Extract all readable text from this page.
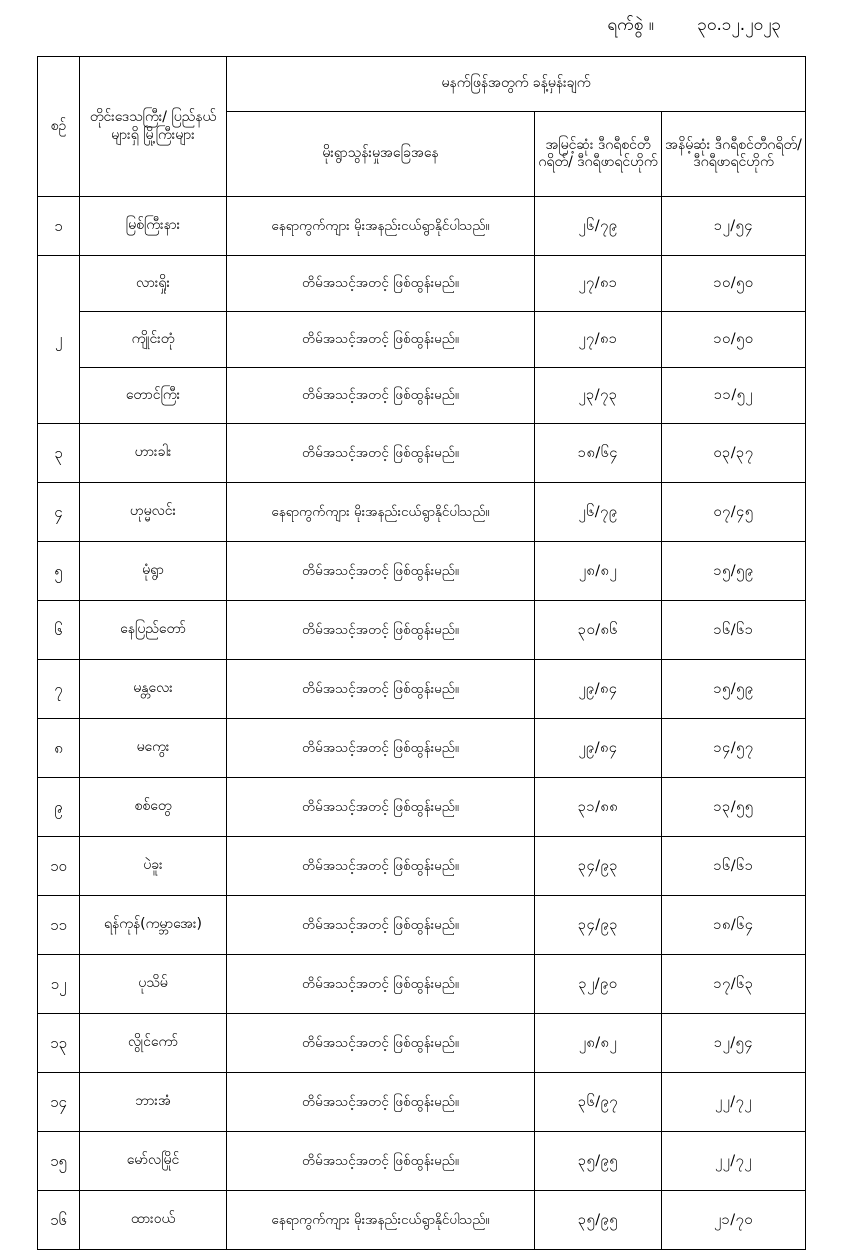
ရက်စွဲ ။	၃၀.၁၂.၂၀၂၃
စဉ်	တိုင်းဒေသကြီး/ ပြည်နယ်များရှိ မြို့ကြီးများ	မနက်ဖြန်အတွက် ခန့်မှန်းချက်		
		မိုးရွာသွန်းမှုအခြေအနေ	အမြင့်ဆုံး ဒီဂရီစင်တီဂရိတ်/ ဒီဂရီဖာရင်ဟိုက်	အနိမ့်ဆုံး ဒီဂရီစင်တီဂရိတ်/ ဒီဂရီဖာရင်ဟိုက်
၁	မြစ်ကြီးနား	နေရာကွက်ကျား မိုးအနည်းငယ်ရွာနိုင်ပါသည်။	၂၆/၇၉	၁၂/၅၄
၂	လားရှိုး	တိမ်အသင့်အတင့် ဖြစ်ထွန်းမည်။	၂၇/၈၁	၁၀/၅၀
	ကျိုင်းတုံ	တိမ်အသင့်အတင့် ဖြစ်ထွန်းမည်။	၂၇/၈၁	၁၀/၅၀
	တောင်ကြီး	တိမ်အသင့်အတင့် ဖြစ်ထွန်းမည်။	၂၃/၇၃	၁၁/၅၂
၃	ဟားခါး	တိမ်အသင့်အတင့် ဖြစ်ထွန်းမည်။	၁၈/၆၄	၀၃/၃၇
၄	ဟုမ္မလင်း	နေရာကွက်ကျား မိုးအနည်းငယ်ရွာနိုင်ပါသည်။	၂၆/၇၉	၀၇/၄၅
၅	မုံရွာ	တိမ်အသင့်အတင့် ဖြစ်ထွန်းမည်။	၂၈/၈၂	၁၅/၅၉
၆	နေပြည်တော်	တိမ်အသင့်အတင့် ဖြစ်ထွန်းမည်။	၃၀/၈၆	၁၆/၆၁
၇	မန္တလေး	တိမ်အသင့်အတင့် ဖြစ်ထွန်းမည်။	၂၉/၈၄	၁၅/၅၉
၈	မကွေး	တိမ်အသင့်အတင့် ဖြစ်ထွန်းမည်။	၂၉/၈၄	၁၄/၅၇
၉	စစ်တွေ	တိမ်အသင့်အတင့် ဖြစ်ထွန်းမည်။	၃၁/၈၈	၁၃/၅၅
၁၀	ပဲခူး	တိမ်အသင့်အတင့် ဖြစ်ထွန်းမည်။	၃၄/၉၃	၁၆/၆၁
၁၁	ရန်ကုန်(ကမ္ဘာအေး)	တိမ်အသင့်အတင့် ဖြစ်ထွန်းမည်။	၃၄/၉၃	၁၈/၆၄
၁၂	ပုသိမ်	တိမ်အသင့်အတင့် ဖြစ်ထွန်းမည်။	၃၂/၉၀	၁၇/၆၃
၁၃	လွိုင်ကော်	တိမ်အသင့်အတင့် ဖြစ်ထွန်းမည်။	၂၈/၈၂	၁၂/၅၄
၁၄	ဘားအံ	တိမ်အသင့်အတင့် ဖြစ်ထွန်းမည်။	၃၆/၉၇	၂၂/၇၂
၁၅	မော်လမြိုင်	တိမ်အသင့်အတင့် ဖြစ်ထွန်းမည်။	၃၅/၉၅	၂၂/၇၂
၁၆	ထားဝယ်	နေရာကွက်ကျား မိုးအနည်းငယ်ရွာနိုင်ပါသည်။	၃၅/၉၅	၂၁/၇၀
